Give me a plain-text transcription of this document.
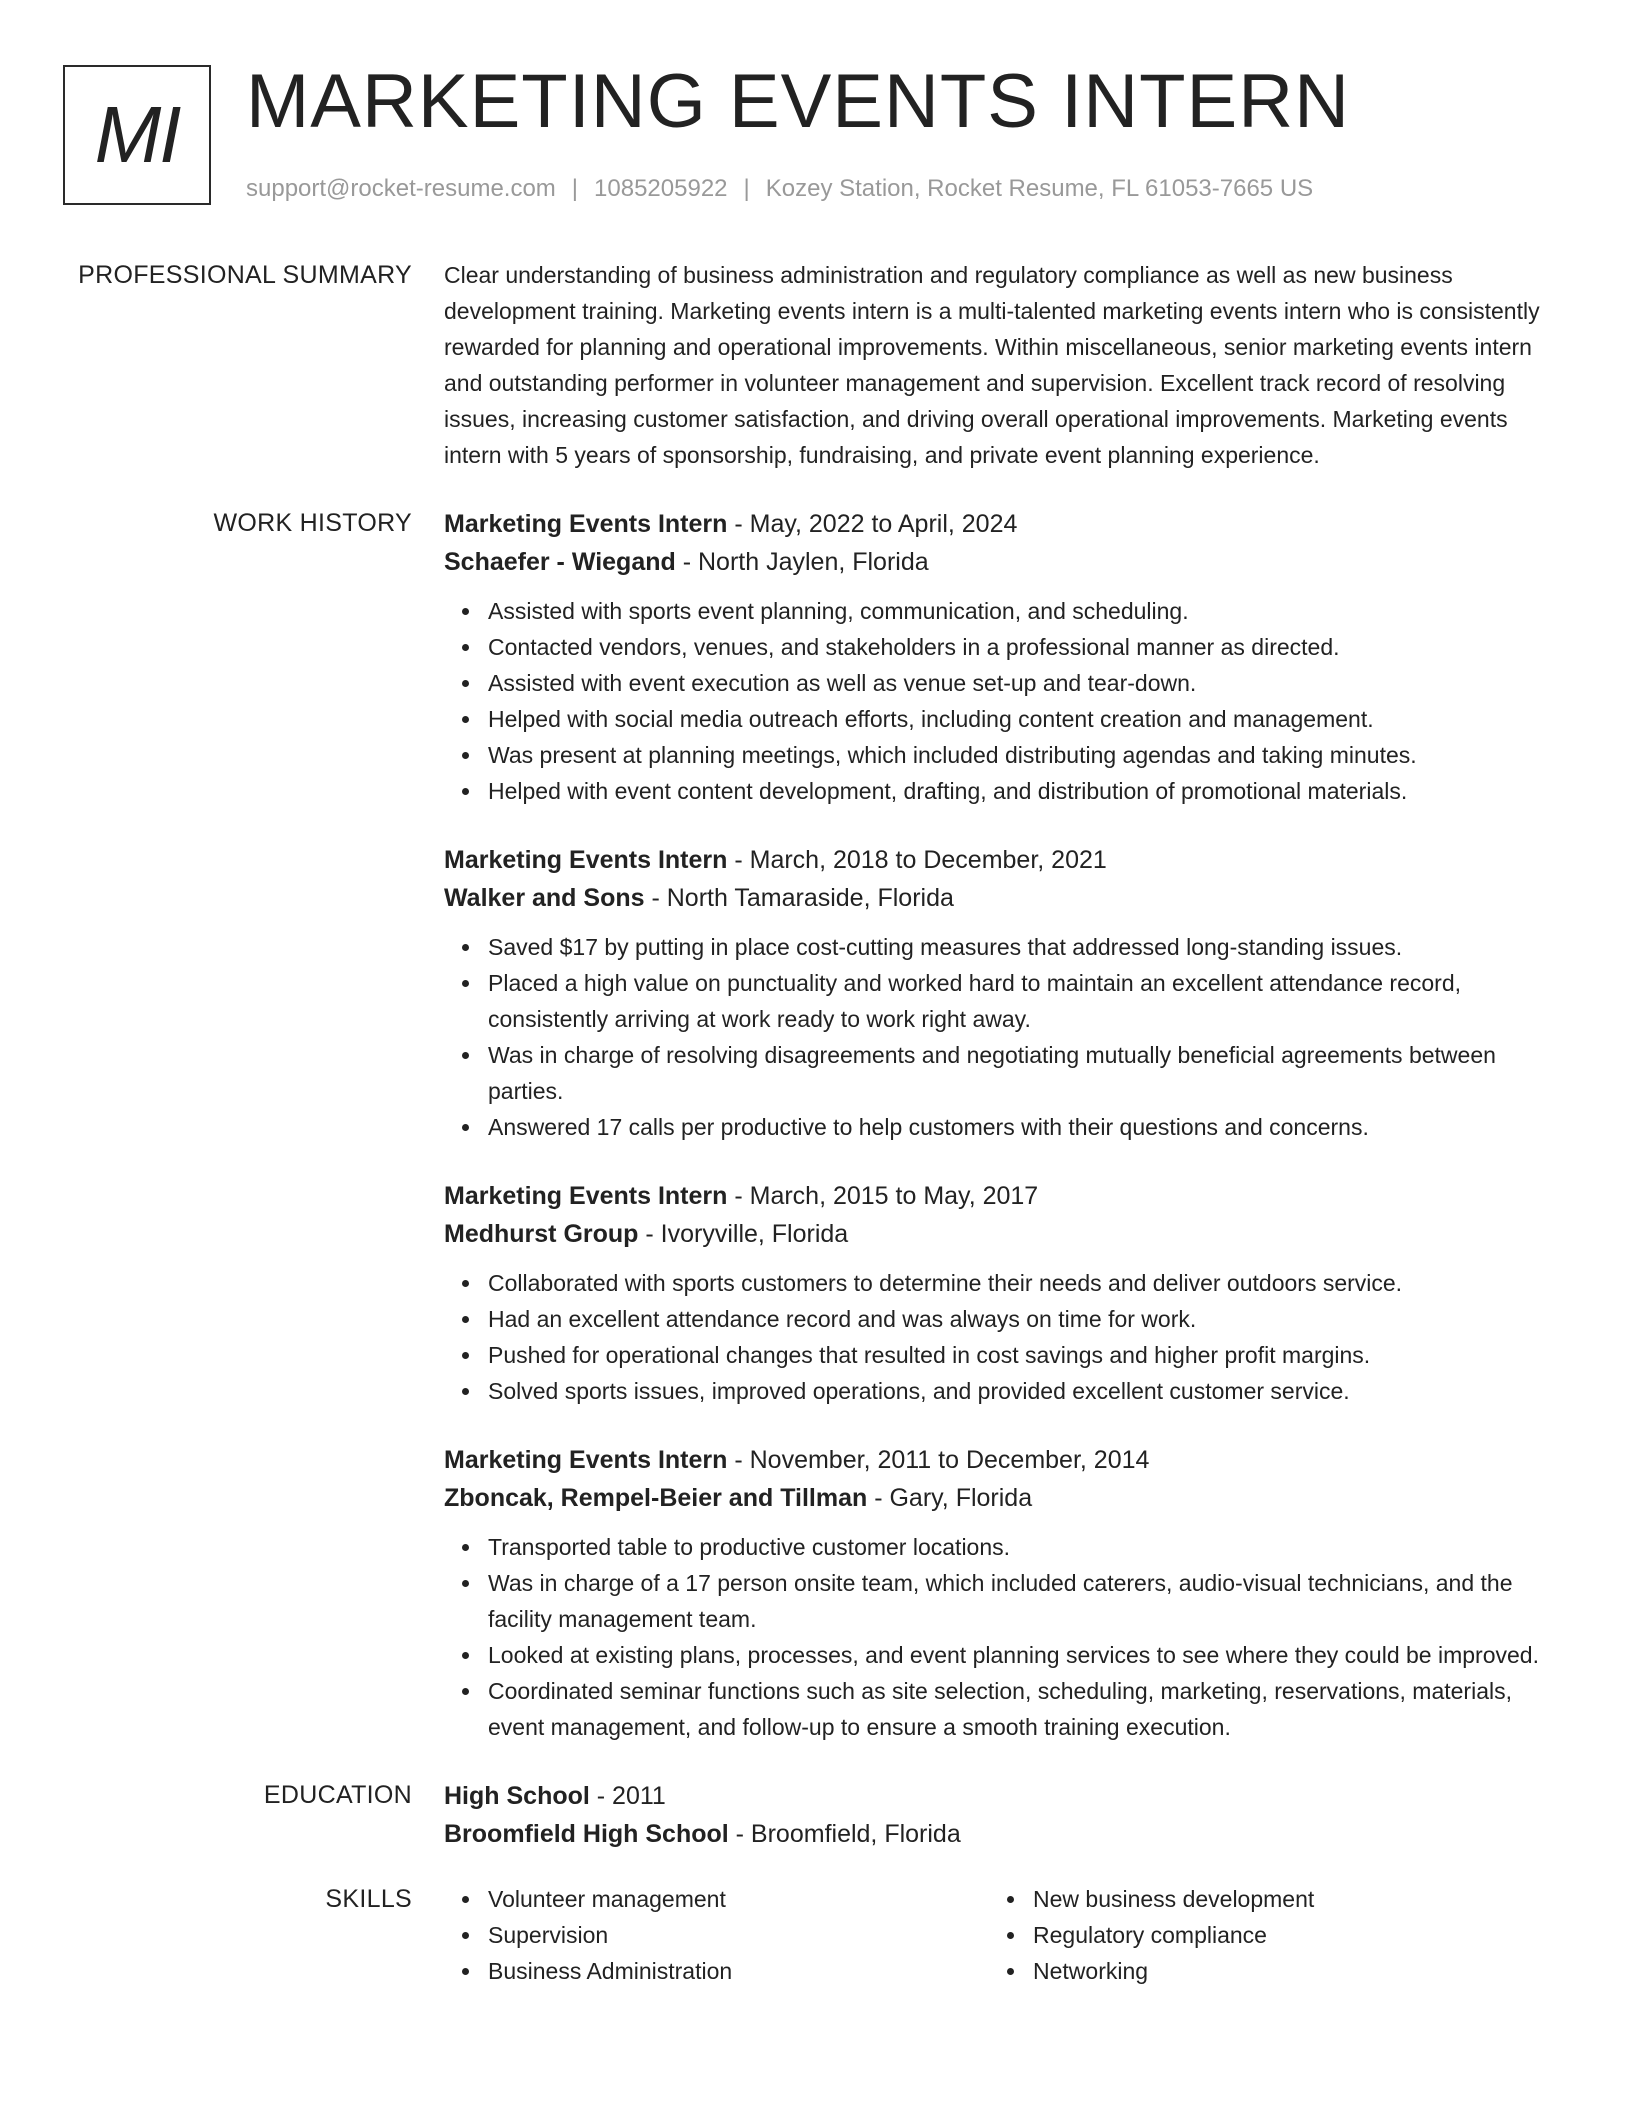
MI MARKETING EVENTS INTERN
support@rocket-resume.com | 1085205922 | Kozey Station, Rocket Resume, FL 61053-7665 US
PROFESSIONAL SUMMARY Clear understanding of business administration and regulatory compliance as well as new business development training. Marketing events intern is a multi-talented marketing events intern who is consistently rewarded for planning and operational improvements. Within miscellaneous, senior marketing events intern and outstanding performer in volunteer management and supervision. Excellent track record of resolving issues, increasing customer satisfaction, and driving overall operational improvements. Marketing events intern with 5 years of sponsorship, fundraising, and private event planning experience.

WORK HISTORY Marketing Events Intern - May, 2022 to April, 2024
Schaefer - Wiegand - North Jaylen, Florida
Assisted with sports event planning, communication, and scheduling.
Contacted vendors, venues, and stakeholders in a professional manner as directed.
Assisted with event execution as well as venue set-up and tear-down.
Helped with social media outreach efforts, including content creation and management.
Was present at planning meetings, which included distributing agendas and taking minutes.
Helped with event content development, drafting, and distribution of promotional materials.
Marketing Events Intern - March, 2018 to December, 2021
Walker and Sons - North Tamaraside, Florida
Saved $17 by putting in place cost-cutting measures that addressed long-standing issues.
Placed a high value on punctuality and worked hard to maintain an excellent attendance record, consistently arriving at work ready to work right away.
Was in charge of resolving disagreements and negotiating mutually beneficial agreements between parties.
Answered 17 calls per productive to help customers with their questions and concerns.
Marketing Events Intern - March, 2015 to May, 2017
Medhurst Group - Ivoryville, Florida
Collaborated with sports customers to determine their needs and deliver outdoors service.
Had an excellent attendance record and was always on time for work.
Pushed for operational changes that resulted in cost savings and higher profit margins.
Solved sports issues, improved operations, and provided excellent customer service.
Marketing Events Intern - November, 2011 to December, 2014
Zboncak, Rempel-Beier and Tillman - Gary, Florida
Transported table to productive customer locations.
Was in charge of a 17 person onsite team, which included caterers, audio-visual technicians, and the facility management team.
Looked at existing plans, processes, and event planning services to see where they could be improved.
Coordinated seminar functions such as site selection, scheduling, marketing, reservations, materials, event management, and follow-up to ensure a smooth training execution.
EDUCATION High School - 2011
Broomfield High School - Broomfield, Florida
SKILLS	Volunteer management
Supervision
Business Administration
New business development
Regulatory compliance
Networking
